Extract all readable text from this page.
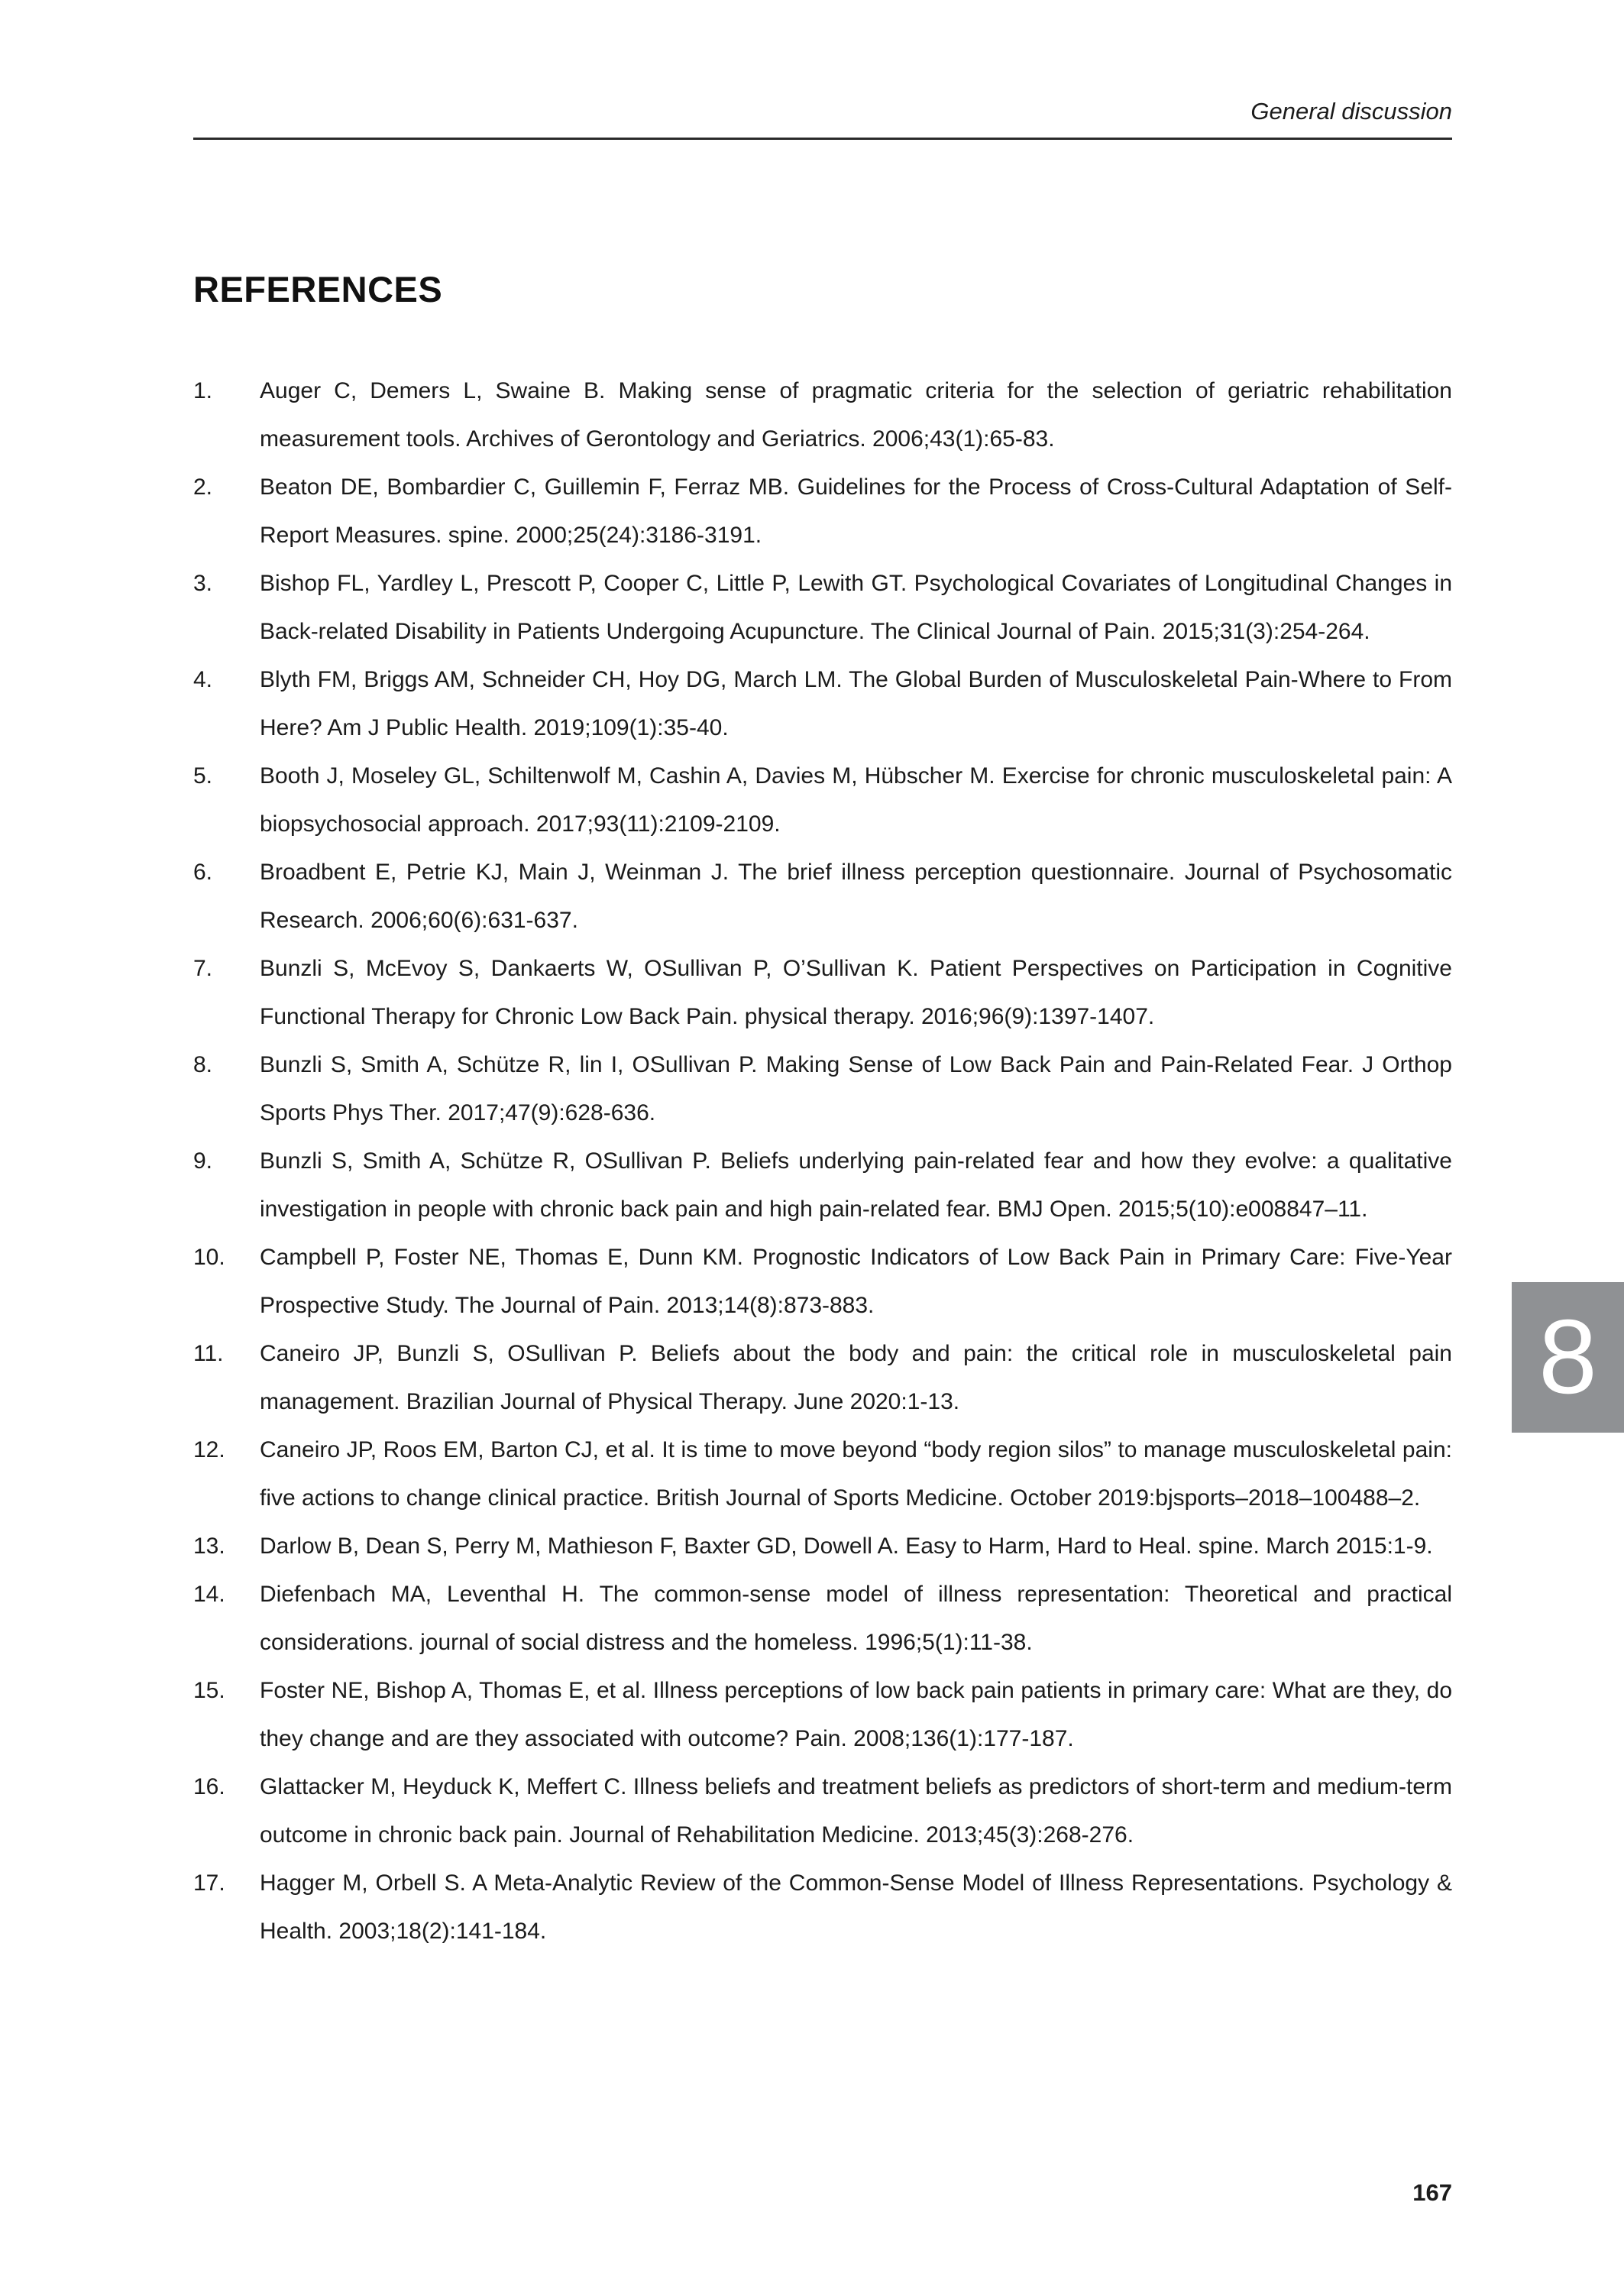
General discussion
REFERENCES
1. Auger C, Demers L, Swaine B. Making sense of pragmatic criteria for the selection of geriatric rehabilitation measurement tools. Archives of Gerontology and Geriatrics. 2006;43(1):65-83.
2. Beaton DE, Bombardier C, Guillemin F, Ferraz MB. Guidelines for the Process of Cross-Cultural Adaptation of Self-Report Measures. spine. 2000;25(24):3186-3191.
3. Bishop FL, Yardley L, Prescott P, Cooper C, Little P, Lewith GT. Psychological Covariates of Longitudinal Changes in Back-related Disability in Patients Undergoing Acupuncture. The Clinical Journal of Pain. 2015;31(3):254-264.
4. Blyth FM, Briggs AM, Schneider CH, Hoy DG, March LM. The Global Burden of Musculoskeletal Pain-Where to From Here? Am J Public Health. 2019;109(1):35-40.
5. Booth J, Moseley GL, Schiltenwolf M, Cashin A, Davies M, Hübscher M. Exercise for chronic musculoskeletal pain: A biopsychosocial approach. 2017;93(11):2109-2109.
6. Broadbent E, Petrie KJ, Main J, Weinman J. The brief illness perception questionnaire. Journal of Psychosomatic Research. 2006;60(6):631-637.
7. Bunzli S, McEvoy S, Dankaerts W, OSullivan P, O’Sullivan K. Patient Perspectives on Participation in Cognitive Functional Therapy for Chronic Low Back Pain. physical therapy. 2016;96(9):1397-1407.
8. Bunzli S, Smith A, Schütze R, lin I, OSullivan P. Making Sense of Low Back Pain and Pain-Related Fear. J Orthop Sports Phys Ther. 2017;47(9):628-636.
9. Bunzli S, Smith A, Schütze R, OSullivan P. Beliefs underlying pain-related fear and how they evolve: a qualitative investigation in people with chronic back pain and high pain-related fear. BMJ Open. 2015;5(10):e008847–11.
10. Campbell P, Foster NE, Thomas E, Dunn KM. Prognostic Indicators of Low Back Pain in Primary Care: Five-Year Prospective Study. The Journal of Pain. 2013;14(8):873-883.
11. Caneiro JP, Bunzli S, OSullivan P. Beliefs about the body and pain: the critical role in musculoskeletal pain management. Brazilian Journal of Physical Therapy. June 2020:1-13.
12. Caneiro JP, Roos EM, Barton CJ, et al. It is time to move beyond “body region silos” to manage musculoskeletal pain: five actions to change clinical practice. British Journal of Sports Medicine. October 2019:bjsports–2018–100488–2.
13. Darlow B, Dean S, Perry M, Mathieson F, Baxter GD, Dowell A. Easy to Harm, Hard to Heal. spine. March 2015:1-9.
14. Diefenbach MA, Leventhal H. The common-sense model of illness representation: Theoretical and practical considerations. journal of social distress and the homeless. 1996;5(1):11-38.
15. Foster NE, Bishop A, Thomas E, et al. Illness perceptions of low back pain patients in primary care: What are they, do they change and are they associated with outcome? Pain. 2008;136(1):177-187.
16. Glattacker M, Heyduck K, Meffert C. Illness beliefs and treatment beliefs as predictors of short-term and medium-term outcome in chronic back pain. Journal of Rehabilitation Medicine. 2013;45(3):268-276.
17. Hagger M, Orbell S. A Meta-Analytic Review of the Common-Sense Model of Illness Representations. Psychology & Health. 2003;18(2):141-184.
8
167
